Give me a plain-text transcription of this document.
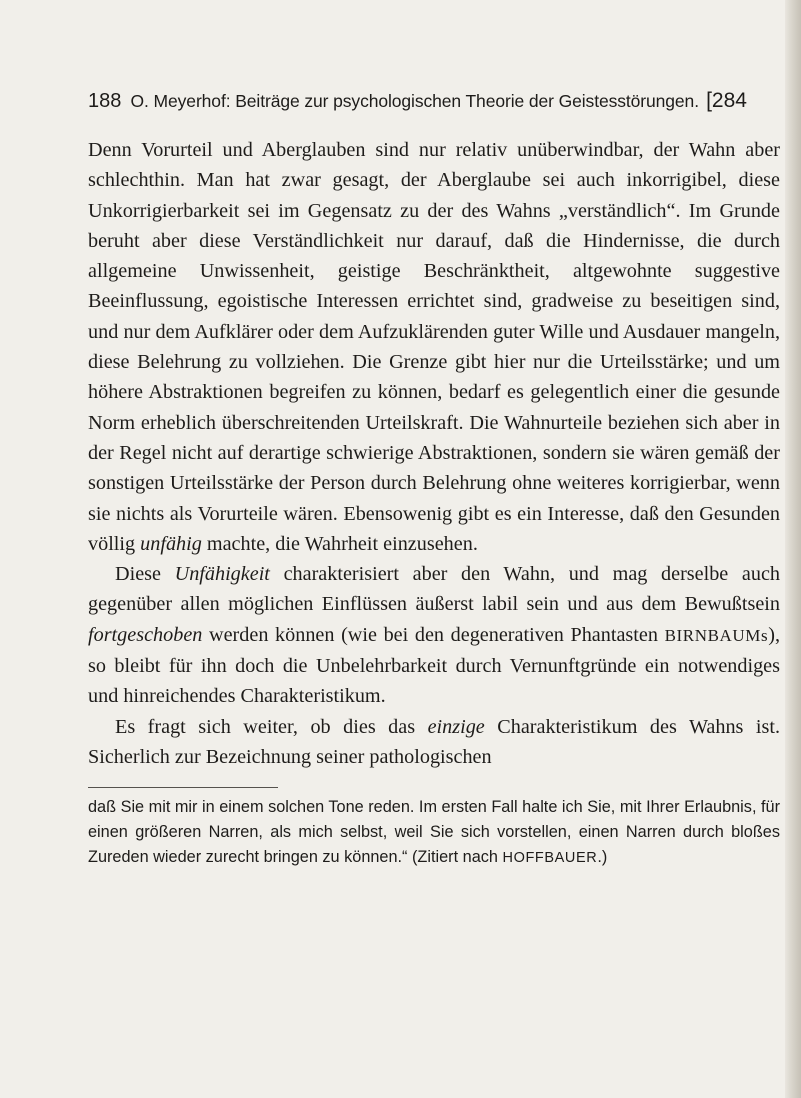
188 O. Meyerhof: Beiträge zur psychologischen Theorie der Geistesstörungen. [284

Denn Vorurteil und Aberglauben sind nur relativ unüberwindbar, der Wahn aber schlechthin. Man hat zwar gesagt, der Aberglaube sei auch inkorrigibel, diese Unkorrigierbarkeit sei im Gegensatz zu der des Wahns „verständlich“. Im Grunde beruht aber diese Verständlichkeit nur darauf, daß die Hindernisse, die durch allgemeine Unwissenheit, geistige Beschränktheit, altgewohnte suggestive Beeinflussung, egoistische Interessen errichtet sind, gradweise zu beseitigen sind, und nur dem Aufklärer oder dem Aufzuklärenden guter Wille und Ausdauer mangeln, diese Belehrung zu vollziehen. Die Grenze gibt hier nur die Urteilsstärke; und um höhere Abstraktionen begreifen zu können, bedarf es gelegentlich einer die gesunde Norm erheblich überschreitenden Urteilskraft. Die Wahnurteile beziehen sich aber in der Regel nicht auf derartige schwierige Abstraktionen, sondern sie wären gemäß der sonstigen Urteilsstärke der Person durch Belehrung ohne weiteres korrigierbar, wenn sie nichts als Vorurteile wären. Ebensowenig gibt es ein Interesse, daß den Gesunden völlig unfähig machte, die Wahrheit einzusehen.

Diese Unfähigkeit charakterisiert aber den Wahn, und mag derselbe auch gegenüber allen möglichen Einflüssen äußerst labil sein und aus dem Bewußtsein fortgeschoben werden können (wie bei den degenerativen Phantasten BIRNBAUMs), so bleibt für ihn doch die Unbelehrbarkeit durch Vernunftgründe ein notwendiges und hinreichendes Charakteristikum.

Es fragt sich weiter, ob dies das einzige Charakteristikum des Wahns ist. Sicherlich zur Bezeichnung seiner pathologischen

daß Sie mit mir in einem solchen Tone reden. Im ersten Fall halte ich Sie, mit Ihrer Erlaubnis, für einen größeren Narren, als mich selbst, weil Sie sich vorstellen, einen Narren durch bloßes Zureden wieder zurecht bringen zu können.“ (Zitiert nach HOFFBAUER.)
